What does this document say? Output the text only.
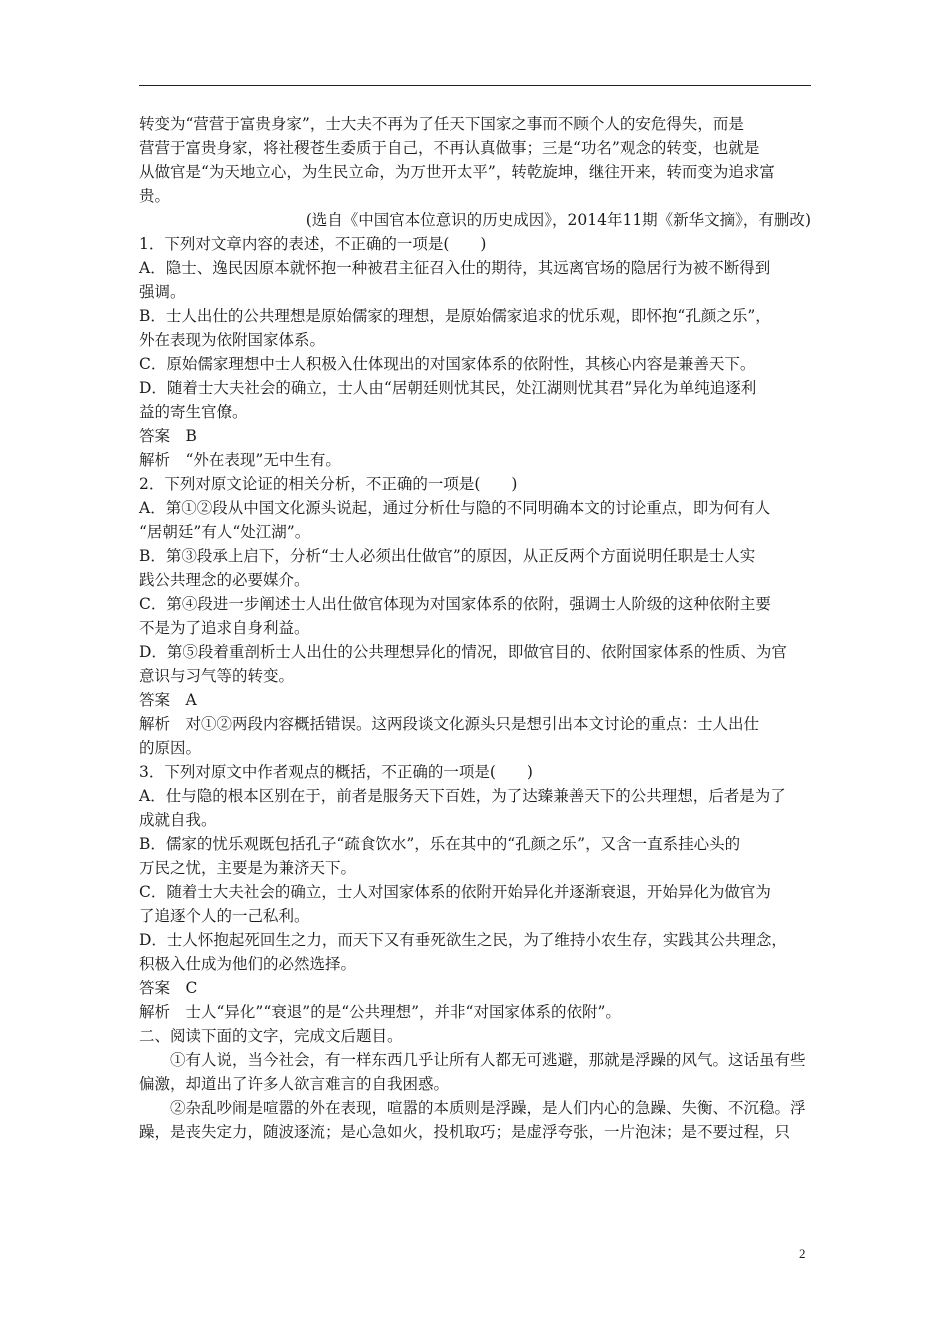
转变为“营营于富贵身家”，士大夫不再为了任天下国家之事而不顾个人的安危得失，而是

营营于富贵身家，将社稷苍生委质于自己，不再认真做事；三是“功名”观念的转变，也就是

从做官是“为天地立心，为生民立命，为万世开太平”，转乾旋坤，继往开来，转而变为追求富

贵。

(选自《中国官本位意识的历史成因》，2014年11期《新华文摘》，有删改)

1．下列对文章内容的表述，不正确的一项是(　　)

A．隐士、逸民因原本就怀抱一种被君主征召入仕的期待，其远离官场的隐居行为被不断得到

强调。

B．士人出仕的公共理想是原始儒家的理想，是原始儒家追求的忧乐观，即怀抱“孔颜之乐”，

外在表现为依附国家体系。

C．原始儒家理想中士人积极入仕体现出的对国家体系的依附性，其核心内容是兼善天下。

D．随着士大夫社会的确立，士人由“居朝廷则忧其民，处江湖则忧其君”异化为单纯追逐利

益的寄生官僚。

答案　B

解析　“外在表现”无中生有。

2．下列对原文论证的相关分析，不正确的一项是(　　)

A．第①②段从中国文化源头说起，通过分析仕与隐的不同明确本文的讨论重点，即为何有人

“居朝廷”有人“处江湖”。

B．第③段承上启下，分析“士人必须出仕做官”的原因，从正反两个方面说明任职是士人实

践公共理念的必要媒介。

C．第④段进一步阐述士人出仕做官体现为对国家体系的依附，强调士人阶级的这种依附主要

不是为了追求自身利益。

D．第⑤段着重剖析士人出仕的公共理想异化的情况，即做官目的、依附国家体系的性质、为官

意识与习气等的转变。

答案　A

解析　对①②两段内容概括错误。这两段谈文化源头只是想引出本文讨论的重点：士人出仕

的原因。

3．下列对原文中作者观点的概括，不正确的一项是(　　)

A．仕与隐的根本区别在于，前者是服务天下百姓，为了达臻兼善天下的公共理想，后者是为了

成就自我。

B．儒家的忧乐观既包括孔子“疏食饮水”，乐在其中的“孔颜之乐”，又含一直系挂心头的

万民之忧，主要是为兼济天下。

C．随着士大夫社会的确立，士人对国家体系的依附开始异化并逐渐衰退，开始异化为做官为

了追逐个人的一己私利。

D．士人怀抱起死回生之力，而天下又有垂死欲生之民，为了维持小农生存，实践其公共理念，

积极入仕成为他们的必然选择。

答案　C

解析　士人“异化”“衰退”的是“公共理想”，并非“对国家体系的依附”。

二、阅读下面的文字，完成文后题目。

①有人说，当今社会，有一样东西几乎让所有人都无可逃避，那就是浮躁的风气。这话虽有些偏激，却道出了许多人欲言难言的自我困惑。

②杂乱吵闹是喧嚣的外在表现，喧嚣的本质则是浮躁，是人们内心的急躁、失衡、不沉稳。浮躁，是丧失定力，随波逐流；是心急如火，投机取巧；是虚浮夸张，一片泡沫；是不要过程，只

2
